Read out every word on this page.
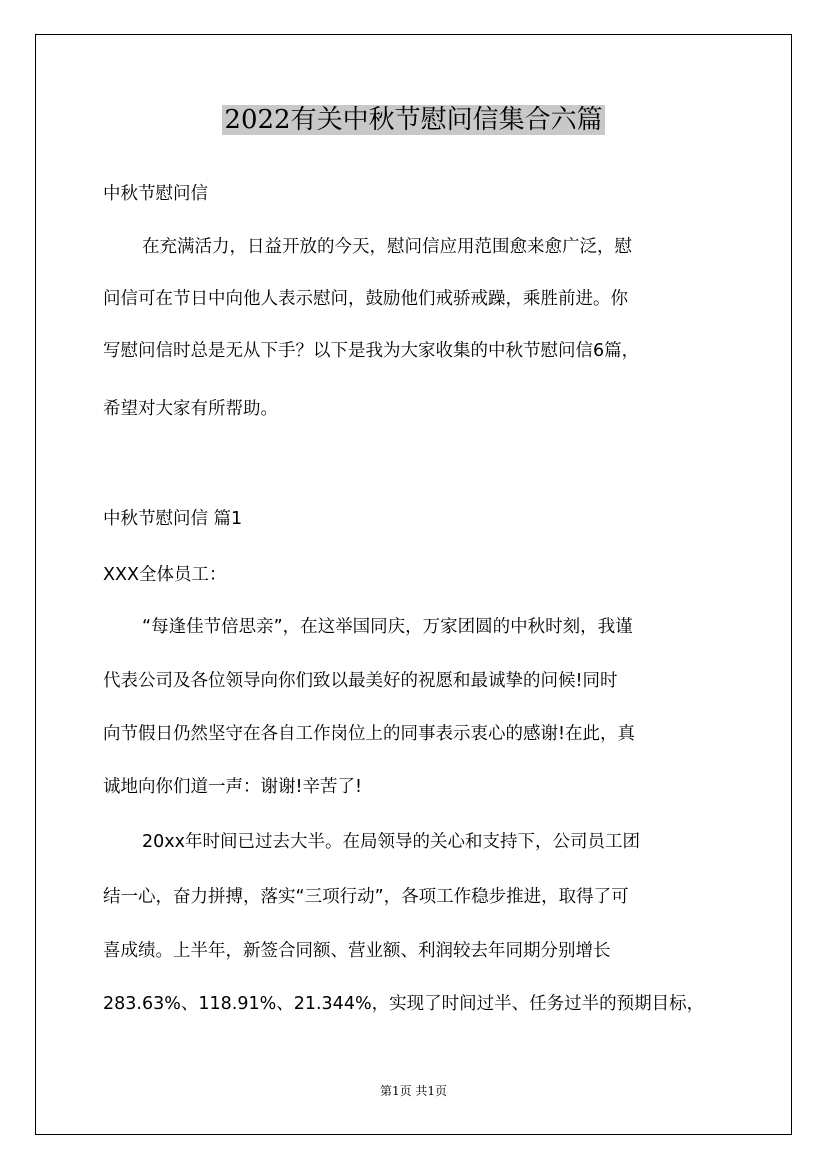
2022有关中秋节慰问信集合六篇
中秋节慰问信
在充满活力，日益开放的今天，慰问信应用范围愈来愈广泛，慰
问信可在节日中向他人表示慰问，鼓励他们戒骄戒躁，乘胜前进。你
写慰问信时总是无从下手？以下是我为大家收集的中秋节慰问信6篇，
希望对大家有所帮助。
中秋节慰问信 篇1
XXX全体员工：
“每逢佳节倍思亲”，在这举国同庆，万家团圆的中秋时刻，我谨
代表公司及各位领导向你们致以最美好的祝愿和最诚挚的问候!同时
向节假日仍然坚守在各自工作岗位上的同事表示衷心的感谢!在此，真
诚地向你们道一声：谢谢!辛苦了!
20xx年时间已过去大半。在局领导的关心和支持下，公司员工团
结一心，奋力拼搏，落实“三项行动”，各项工作稳步推进，取得了可
喜成绩。上半年，新签合同额、营业额、利润较去年同期分别增长
283.63%、118.91%、21.344%，实现了时间过半、任务过半的预期目标，
第1页 共1页
